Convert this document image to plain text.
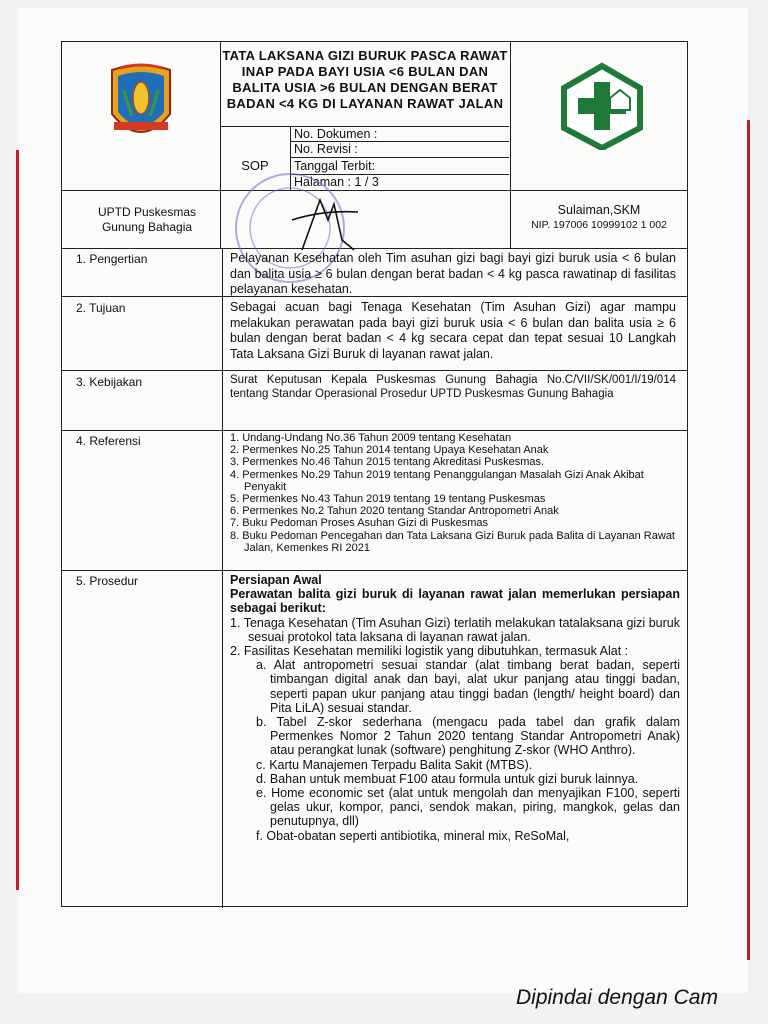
TATA LAKSANA GIZI BURUK PASCA RAWAT INAP PADA BAYI USIA <6 BULAN DAN BALITA USIA >6 BULAN DENGAN BERAT BADAN <4 KG DI LAYANAN RAWAT JALAN
SOP
No. Dokumen :
No. Revisi :
Tanggal Terbit:
Halaman : 1 / 3
UPTD Puskesmas
Gunung Bahagia
Sulaiman,SKM
NIP. 197006 10999102 1 002
1. Pengertian	Pelayanan Kesehatan oleh Tim asuhan gizi bagi bayi gizi buruk usia < 6 bulan dan balita usia ≥ 6 bulan dengan berat badan < 4 kg pasca rawatinap di fasilitas pelayanan kesehatan.
2. Tujuan	Sebagai acuan bagi Tenaga Kesehatan (Tim Asuhan Gizi) agar mampu melakukan perawatan pada bayi gizi buruk usia < 6 bulan dan balita usia ≥ 6 bulan dengan berat badan < 4 kg secara cepat dan tepat sesuai 10 Langkah Tata Laksana Gizi Buruk di layanan rawat jalan.
3. Kebijakan	Surat Keputusan Kepala Puskesmas Gunung Bahagia No.C/VII/SK/001/I/19/014 tentang Standar Operasional Prosedur UPTD Puskesmas Gunung Bahagia
4. Referensi	1. Undang-Undang No.36 Tahun 2009 tentang Kesehatan
2. Permenkes No.25 Tahun 2014 tentang Upaya Kesehatan Anak
3. Permenkes No.46 Tahun 2015 tentang Akreditasi Puskesmas.
4. Permenkes No.29 Tahun 2019 tentang Penanggulangan Masalah Gizi Anak Akibat Penyakit
5. Permenkes No.43 Tahun 2019 tentang 19 tentang Puskesmas
6. Permenkes No.2 Tahun 2020 tentang Standar Antropometri Anak
7. Buku Pedoman Proses Asuhan Gizi di Puskesmas
8. Buku Pedoman Pencegahan dan Tata Laksana Gizi Buruk pada Balita di Layanan Rawat Jalan, Kemenkes RI 2021
5. Prosedur	Persiapan Awal
Perawatan balita gizi buruk di layanan rawat jalan memerlukan persiapan sebagai berikut:
1. Tenaga Kesehatan (Tim Asuhan Gizi) terlatih melakukan tatalaksana gizi buruk sesuai protokol tata laksana di layanan rawat jalan.
2. Fasilitas Kesehatan memiliki logistik yang dibutuhkan, termasuk Alat :
a. Alat antropometri sesuai standar (alat timbang berat badan, seperti timbangan digital anak dan bayi, alat ukur panjang atau tinggi badan, seperti papan ukur panjang atau tinggi badan (length/ height board) dan Pita LiLA) sesuai standar.
b. Tabel Z-skor sederhana (mengacu pada tabel dan grafik dalam Permenkes Nomor 2 Tahun 2020 tentang Standar Antropometri Anak) atau perangkat lunak (software) penghitung Z-skor (WHO Anthro).
c. Kartu Manajemen Terpadu Balita Sakit (MTBS).
d. Bahan untuk membuat F100 atau formula untuk gizi buruk lainnya.
e. Home economic set (alat untuk mengolah dan menyajikan F100, seperti gelas ukur, kompor, panci, sendok makan, piring, mangkok, gelas dan penutupnya, dll)
f. Obat-obatan seperti antibiotika, mineral mix, ReSoMal,
Dipindai dengan Cam
